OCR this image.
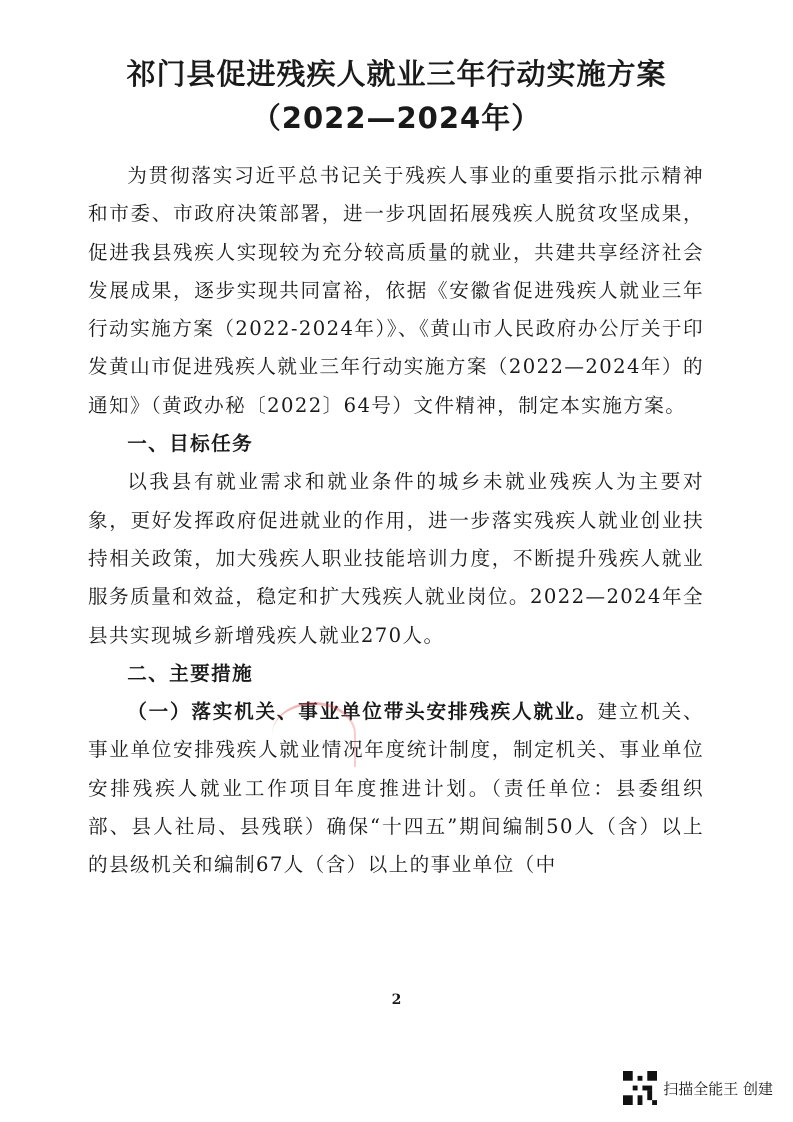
祁门县促进残疾人就业三年行动实施方案
（2022—2024年）

为贯彻落实习近平总书记关于残疾人事业的重要指示批示精神和市委、市政府决策部署，进一步巩固拓展残疾人脱贫攻坚成果，促进我县残疾人实现较为充分较高质量的就业，共建共享经济社会发展成果，逐步实现共同富裕，依据《安徽省促进残疾人就业三年行动实施方案（2022-2024年）》、《黄山市人民政府办公厅关于印发黄山市促进残疾人就业三年行动实施方案（2022—2024年）的通知》（黄政办秘〔2022〕64号）文件精神，制定本实施方案。

一、目标任务

以我县有就业需求和就业条件的城乡未就业残疾人为主要对象，更好发挥政府促进就业的作用，进一步落实残疾人就业创业扶持相关政策，加大残疾人职业技能培训力度，不断提升残疾人就业服务质量和效益，稳定和扩大残疾人就业岗位。2022—2024年全县共实现城乡新增残疾人就业270人。

二、主要措施

（一）落实机关、事业单位带头安排残疾人就业。建立机关、事业单位安排残疾人就业情况年度统计制度，制定机关、事业单位安排残疾人就业工作项目年度推进计划。（责任单位：县委组织部、县人社局、县残联）确保“十四五”期间编制50人（含）以上的县级机关和编制67人（含）以上的事业单位（中

2
扫描全能王 创建
